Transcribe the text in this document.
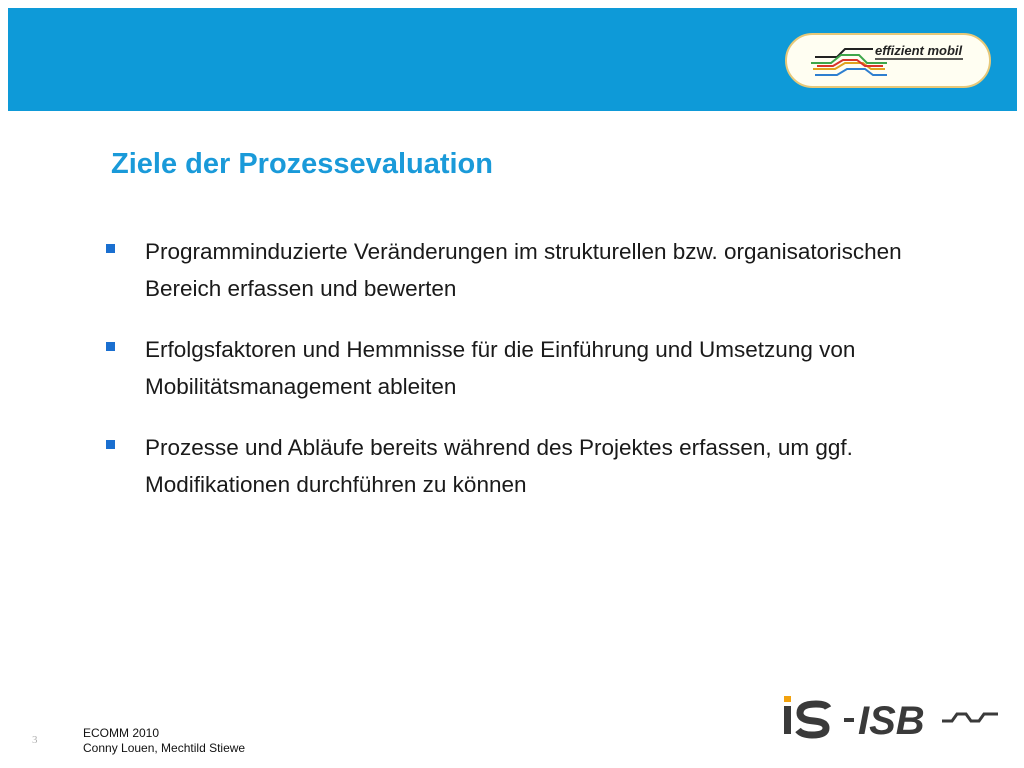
effizient mobil
Ziele der Prozessevaluation
Programminduzierte Veränderungen im strukturellen bzw. organisatorischen Bereich erfassen und bewerten
Erfolgsfaktoren und Hemmnisse für die Einführung und Umsetzung von Mobilitätsmanagement ableiten
Prozesse und Abläufe bereits während des Projektes erfassen, um ggf. Modifikationen durchführen zu können
3	ECOMM 2010
Conny Louen, Mechtild Stiewe
ISB
